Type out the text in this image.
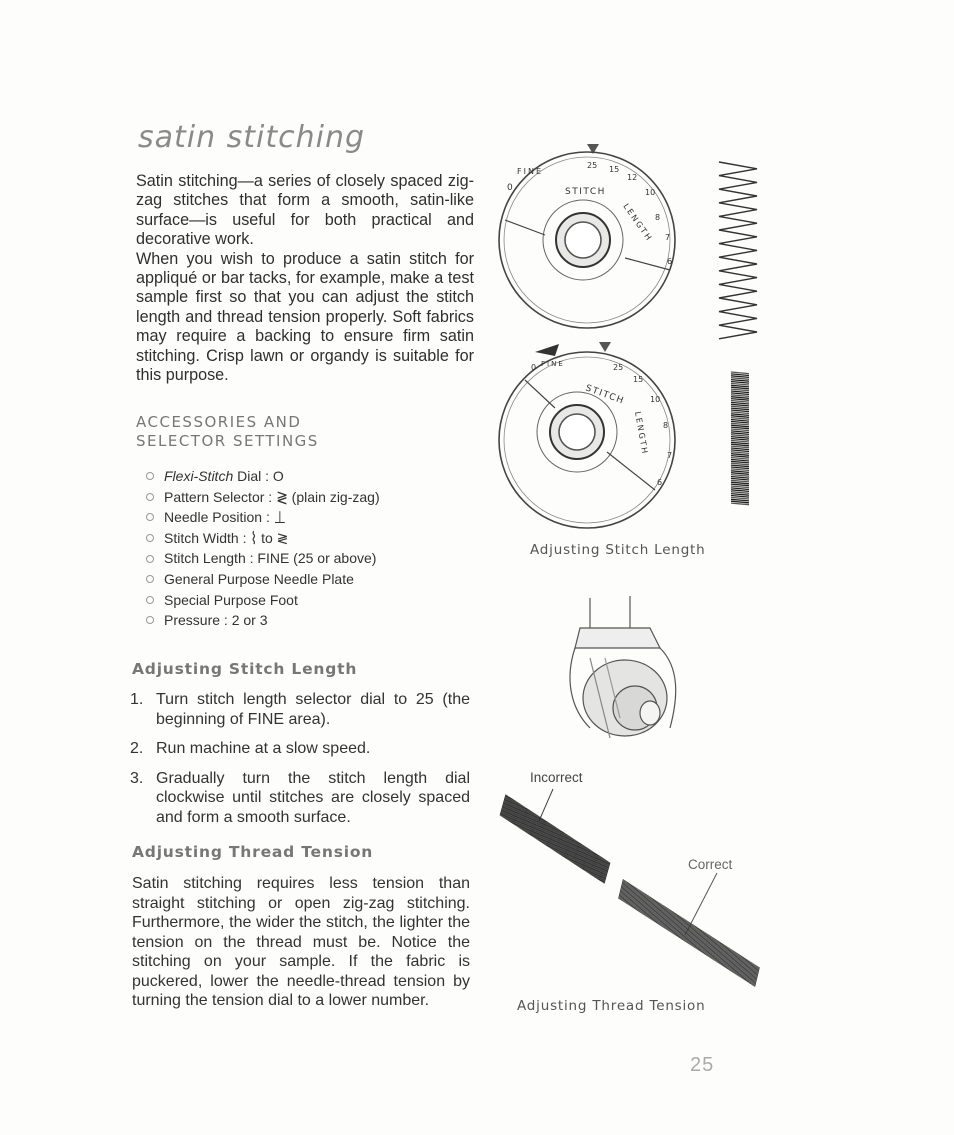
satin stitching

Satin stitching—a series of closely spaced zig-zag stitches that form a smooth, satin-like surface—is useful for both practical and decorative work.

When you wish to produce a satin stitch for appliqué or bar tacks, for example, make a test sample first so that you can adjust the stitch length and thread tension properly. Soft fabrics may require a backing to ensure firm satin stitching. Crisp lawn or organdy is suitable for this purpose.

ACCESSORIES AND SELECTOR SETTINGS
Flexi-Stitch Dial : O
Pattern Selector : ≷ (plain zig-zag)
Needle Position : ⊥
Stitch Width : ⌇ to ≷
Stitch Length : FINE (25 or above)
General Purpose Needle Plate
Special Purpose Foot
Pressure : 2 or 3
Adjusting Stitch Length
1. Turn stitch length selector dial to 25 (the beginning of FINE area).
2. Run machine at a slow speed.
3. Gradually turn the stitch length dial clockwise until stitches are closely spaced and form a smooth surface.
Adjusting Thread Tension
Satin stitching requires less tension than straight stitching or open zig-zag stitching. Furthermore, the wider the stitch, the lighter the tension on the thread must be. Notice the stitching on your sample. If the fabric is puckered, lower the needle-thread tension by turning the tension dial to a lower number.
0
FINE
25 15
12
STITCH
LENGTH
10
8
7
6
0 FINE	25
15
STITCH
LENGTH
10
8
7
6
Adjusting Stitch Length
Incorrect
Correct
Adjusting Thread Tension
25
